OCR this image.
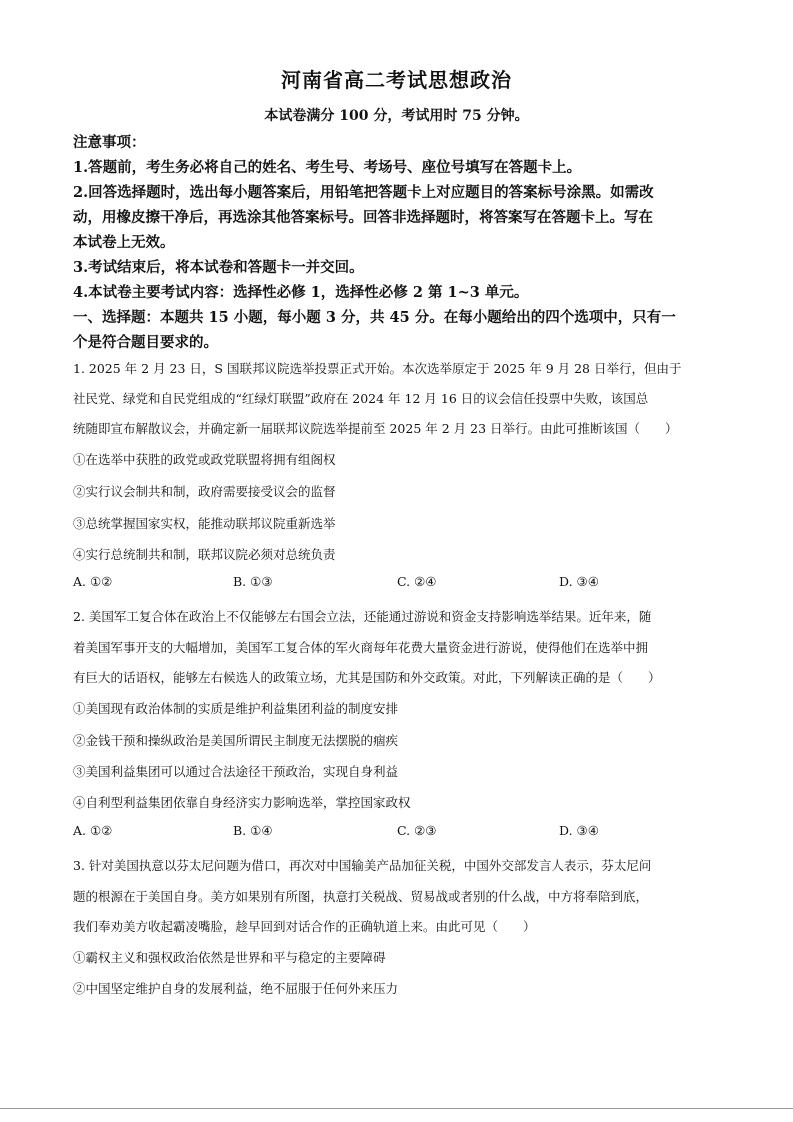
河南省高二考试思想政治
本试卷满分 100 分，考试用时 75 分钟。
注意事项：
1.答题前，考生务必将自己的姓名、考生号、考场号、座位号填写在答题卡上。
2.回答选择题时，选出每小题答案后，用铅笔把答题卡上对应题目的答案标号涂黑。如需改
动，用橡皮擦干净后，再选涂其他答案标号。回答非选择题时，将答案写在答题卡上。写在
本试卷上无效。
3.考试结束后，将本试卷和答题卡一并交回。
4.本试卷主要考试内容：选择性必修 1，选择性必修 2 第 1~3 单元。
一、选择题：本题共 15 小题，每小题 3 分，共 45 分。在每小题给出的四个选项中，只有一
个是符合题目要求的。
1. 2025 年 2 月 23 日，S 国联邦议院选举投票正式开始。本次选举原定于 2025 年 9 月 28 日举行，但由于
社民党、绿党和自民党组成的“红绿灯联盟”政府在 2024 年 12 月 16 日的议会信任投票中失败，该国总
统随即宣布解散议会，并确定新一届联邦议院选举提前至 2025 年 2 月 23 日举行。由此可推断该国（　　）
①在选举中获胜的政党或政党联盟将拥有组阁权
②实行议会制共和制，政府需要接受议会的监督
③总统掌握国家实权，能推动联邦议院重新选举
④实行总统制共和制，联邦议院必须对总统负责
A. ①②	B. ①③	C. ②④	D. ③④
2. 美国军工复合体在政治上不仅能够左右国会立法，还能通过游说和资金支持影响选举结果。近年来，随
着美国军事开支的大幅增加，美国军工复合体的军火商每年花费大量资金进行游说，使得他们在选举中拥
有巨大的话语权，能够左右候选人的政策立场，尤其是国防和外交政策。对此，下列解读正确的是（　　）
①美国现有政治体制的实质是维护利益集团利益的制度安排
②金钱干预和操纵政治是美国所谓民主制度无法摆脱的痼疾
③美国利益集团可以通过合法途径干预政治，实现自身利益
④自利型利益集团依靠自身经济实力影响选举，掌控国家政权
A. ①②	B. ①④	C. ②③	D. ③④
3. 针对美国执意以芬太尼问题为借口，再次对中国输美产品加征关税，中国外交部发言人表示，芬太尼问
题的根源在于美国自身。美方如果别有所图，执意打关税战、贸易战或者别的什么战，中方将奉陪到底，
我们奉劝美方收起霸凌嘴脸，趁早回到对话合作的正确轨道上来。由此可见（　　）
①霸权主义和强权政治依然是世界和平与稳定的主要障碍
②中国坚定维护自身的发展利益，绝不屈服于任何外来压力
